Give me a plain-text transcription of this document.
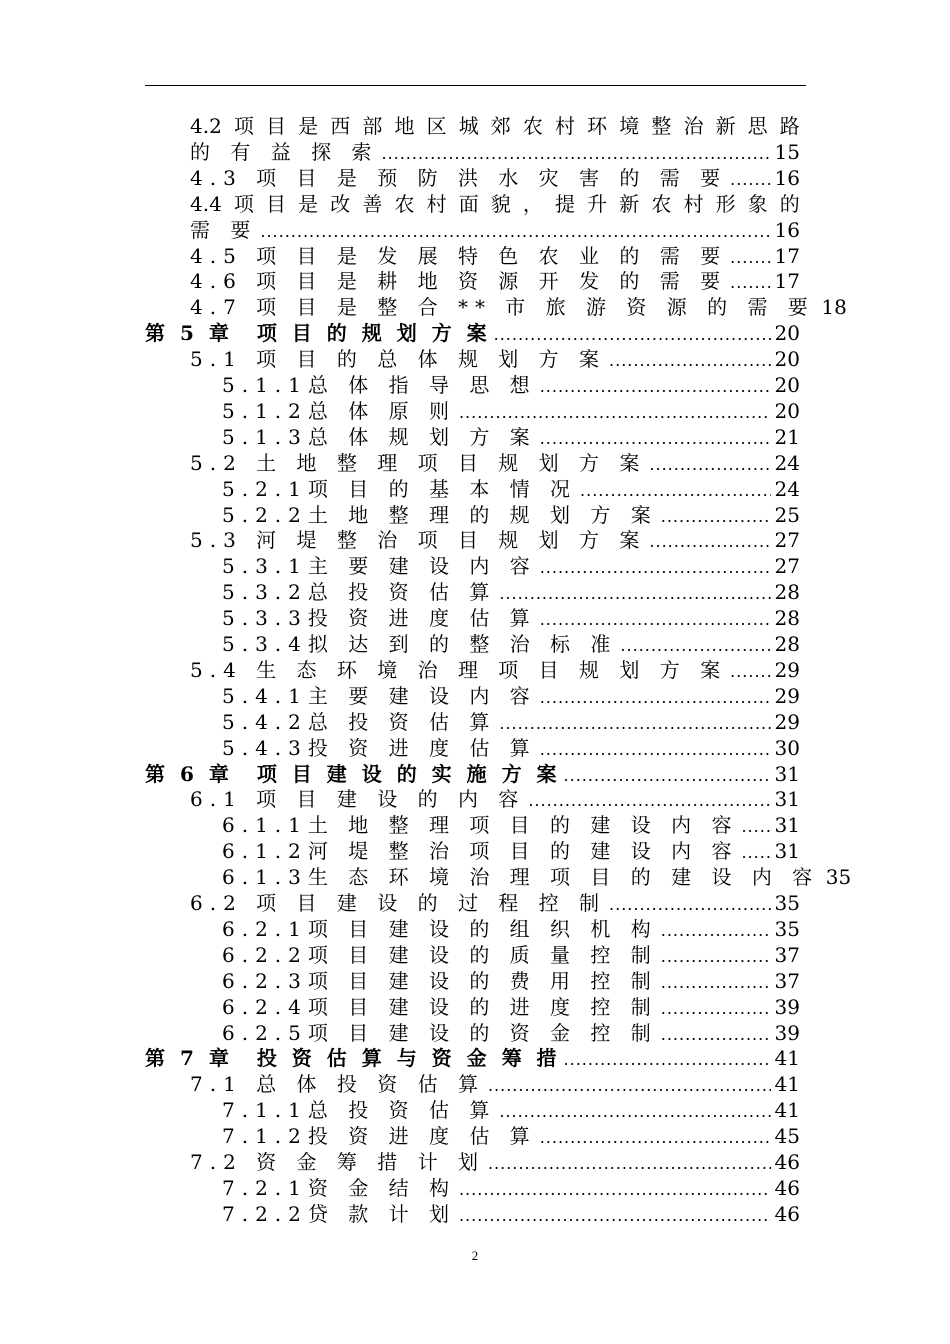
4.2 项 目 是 西 部 地 区 城 郊 农 村 环 境 整 治 新 思 路
的 有 益 探 索 .....	15
4.3 项 目 是 预 防 洪 水 灾 害 的 需 要 ..... 16
4.4 项 目 是 改 善 农 村 面 貌 ， 提 升 新 农 村 形 象 的
需 要 .....	16
4.5 项 目 是 发 展 特 色 农 业 的 需 要 ..... 17
4.6 项 目 是 耕 地 资 源 开 发 的 需 要 ..... 17
4.7 项 目 是 整 合 ** 市 旅 游 资 源 的 需 要 18
第 5 章　项 目 的 规 划 方 案 .....	20
5.1 项 目 的 总 体 规 划 方 案 .....	20
5.1.1总 体 指 导 思 想 .....	20
5.1.2总 体 原 则 .....	20
5.1.3总 体 规 划 方 案 .....	21
5.2 土 地 整 理 项 目 规 划 方 案 .....	24
5.2.1项 目 的 基 本 情 况 .....	24
5.2.2土 地 整 理 的 规 划 方 案 .....	25
5.3 河 堤 整 治 项 目 规 划 方 案 .....	27
5.3.1主 要 建 设 内 容 .....	27
5.3.2总 投 资 估 算 .....	28
5.3.3投 资 进 度 估 算 .....	28
5.3.4拟 达 到 的 整 治 标 准 .....	28
5.4 生 态 环 境 治 理 项 目 规 划 方 案 ..... 29
5.4.1主 要 建 设 内 容 .....	29
5.4.2总 投 资 估 算 .....	29
5.4.3投 资 进 度 估 算 .....	30
第 6 章　项 目 建 设 的 实 施 方 案 .....	31
6.1 项 目 建 设 的 内 容 .....	31
6.1.1土 地 整 理 项 目 的 建 设 内 容 ..... 31
6.1.2河 堤 整 治 项 目 的 建 设 内 容 ..... 31
6.1.3生 态 环 境 治 理 项 目 的 建 设 内 容 35
6.2 项 目 建 设 的 过 程 控 制 .....	35
6.2.1项 目 建 设 的 组 织 机 构 .....	35
6.2.2项 目 建 设 的 质 量 控 制 .....	37
6.2.3项 目 建 设 的 费 用 控 制 .....	37
6.2.4项 目 建 设 的 进 度 控 制 .....	39
6.2.5项 目 建 设 的 资 金 控 制 .....	39
第 7 章　投 资 估 算 与 资 金 筹 措 .....	41
7.1 总 体 投 资 估 算 .....	41
7.1.1总 投 资 估 算 .....	41
7.1.2投 资 进 度 估 算 .....	45
7.2 资 金 筹 措 计 划 .....	46
7.2.1资 金 结 构 .....	46
7.2.2贷 款 计 划 .....	46
2
